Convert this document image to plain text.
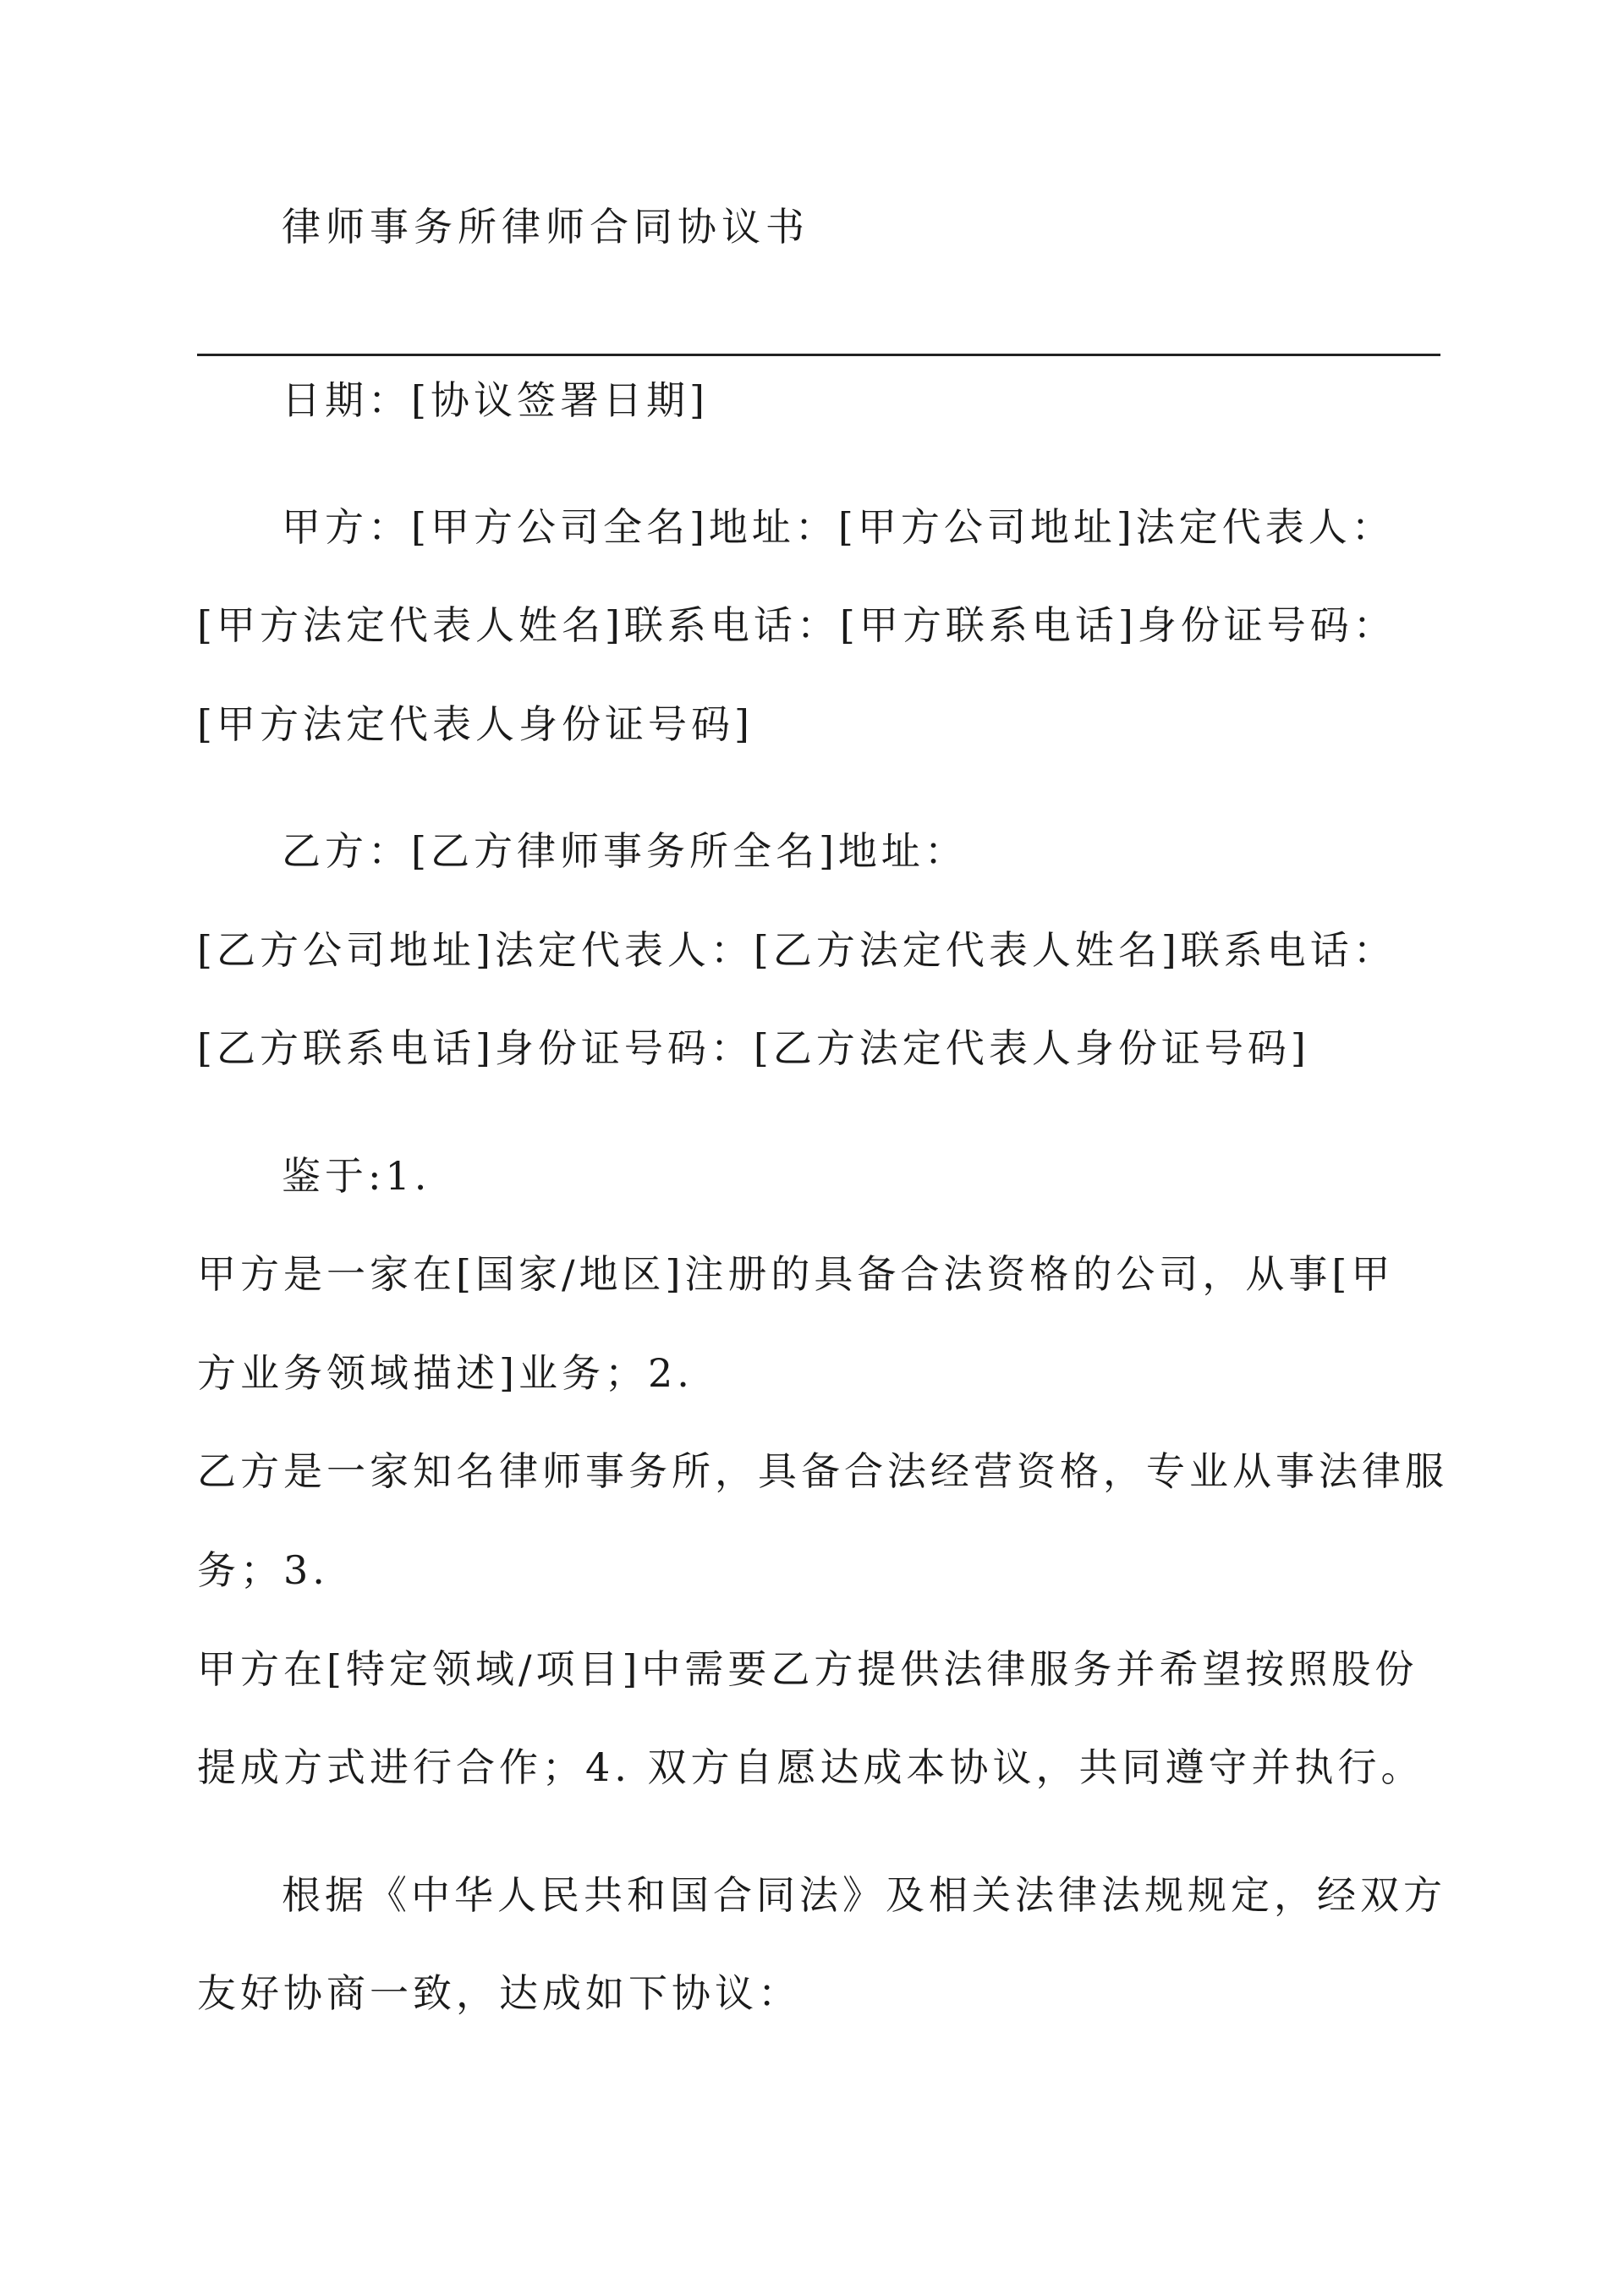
律师事务所律师合同协议书
日期：[协议签署日期]
甲方：[甲方公司全名]地址：[甲方公司地址]法定代表人：
[甲方法定代表人姓名]联系电话：[甲方联系电话]身份证号码：
[甲方法定代表人身份证号码]
乙方：[乙方律师事务所全名]地址：
[乙方公司地址]法定代表人：[乙方法定代表人姓名]联系电话：
[乙方联系电话]身份证号码：[乙方法定代表人身份证号码]
鉴于:1.
甲方是一家在[国家/地区]注册的具备合法资格的公司，从事[甲
方业务领域描述]业务；2.
乙方是一家知名律师事务所，具备合法经营资格，专业从事法律服
务；3.
甲方在[特定领域/项目]中需要乙方提供法律服务并希望按照股份
提成方式进行合作；4. 双方自愿达成本协议，共同遵守并执行。
根据《中华人民共和国合同法》及相关法律法规规定，经双方
友好协商一致，达成如下协议：
